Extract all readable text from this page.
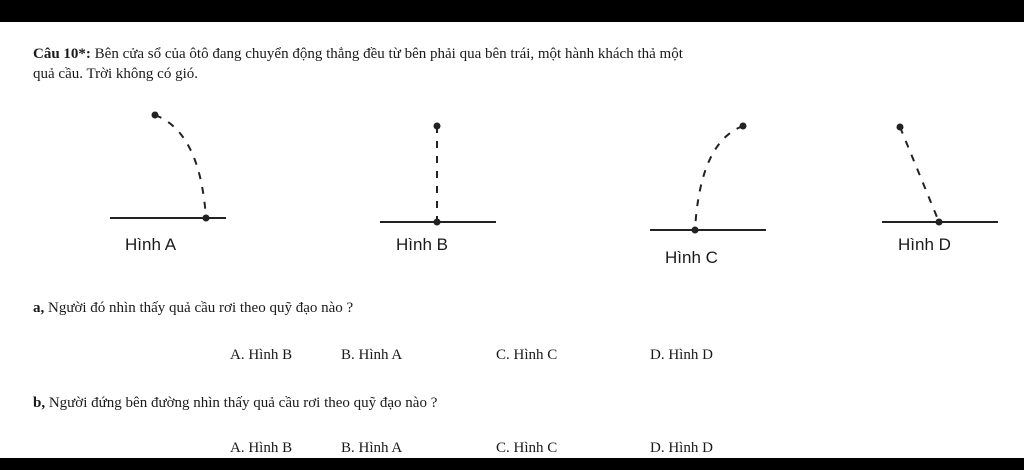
Câu 10*: Bên cửa sổ của ôtô đang chuyển động thẳng đều từ bên phải qua bên trái, một hành khách thả một
quả cầu. Trời không có gió.
Hình A	Hình B
Hình C
Hình D
a, Người đó nhìn thấy quả cầu rơi theo quỹ đạo nào ?
A. Hình B	B. Hình A	C. Hình C	D. Hình D
b, Người đứng bên đường nhìn thấy quả cầu rơi theo quỹ đạo nào ?
A. Hình B	B. Hình A	C. Hình C	D. Hình D
